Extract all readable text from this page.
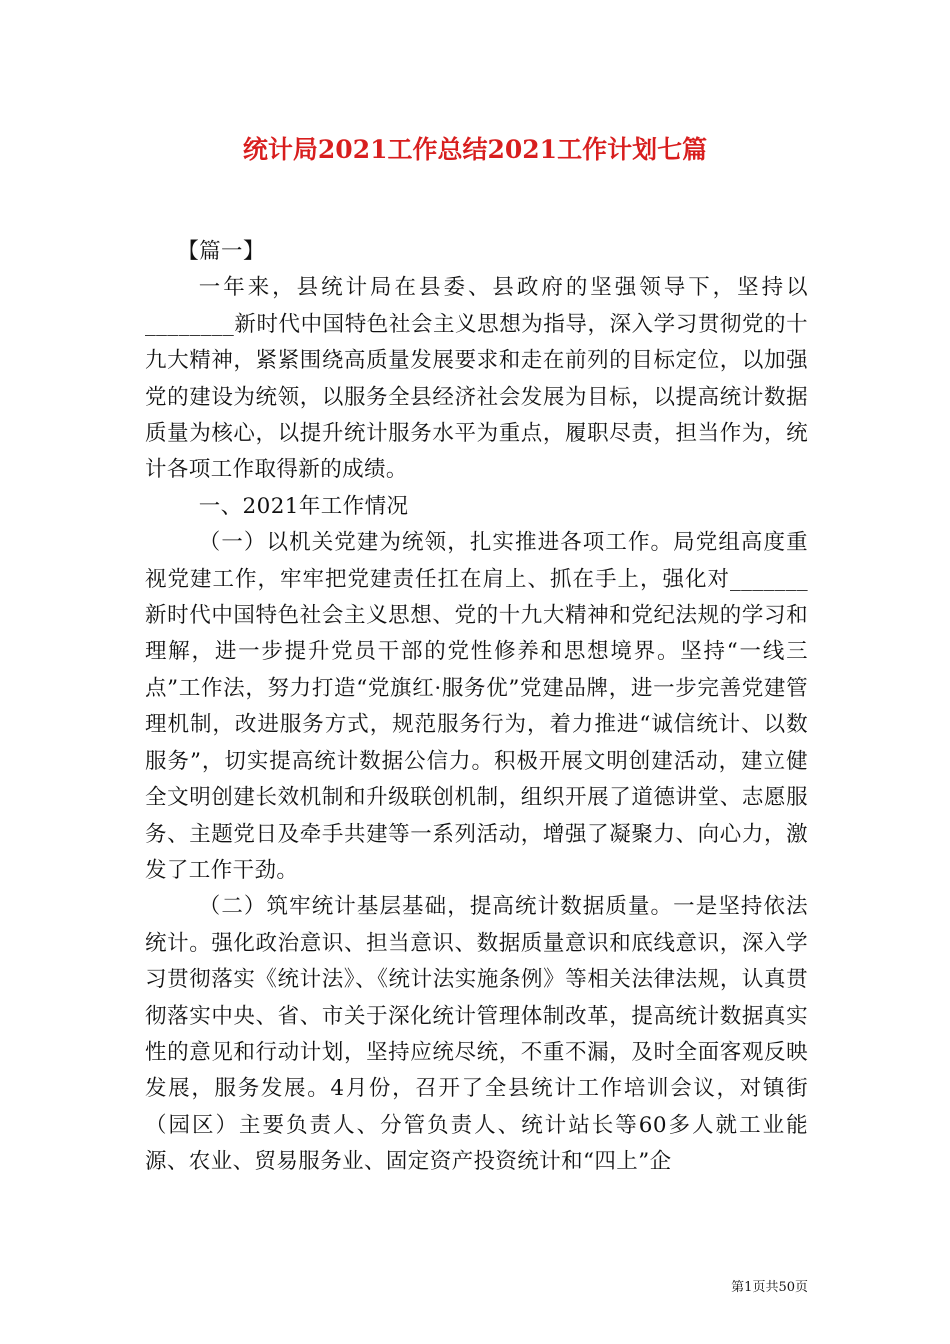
统计局2021工作总结2021工作计划七篇

【篇一】

一年来，县统计局在县委、县政府的坚强领导下，坚持以________新时代中国特色社会主义思想为指导，深入学习贯彻党的十九大精神，紧紧围绕高质量发展要求和走在前列的目标定位，以加强党的建设为统领，以服务全县经济社会发展为目标，以提高统计数据质量为核心，以提升统计服务水平为重点，履职尽责，担当作为，统计各项工作取得新的成绩。

一、2021年工作情况

（一）以机关党建为统领，扎实推进各项工作。局党组高度重视党建工作，牢牢把党建责任扛在肩上、抓在手上，强化对_______新时代中国特色社会主义思想、党的十九大精神和党纪法规的学习和理解，进一步提升党员干部的党性修养和思想境界。坚持“一线三点”工作法，努力打造“党旗红·服务优”党建品牌，进一步完善党建管理机制，改进服务方式，规范服务行为，着力推进“诚信统计、以数服务”，切实提高统计数据公信力。积极开展文明创建活动，建立健全文明创建长效机制和升级联创机制，组织开展了道德讲堂、志愿服务、主题党日及牵手共建等一系列活动，增强了凝聚力、向心力，激发了工作干劲。

（二）筑牢统计基层基础，提高统计数据质量。一是坚持依法统计。强化政治意识、担当意识、数据质量意识和底线意识，深入学习贯彻落实《统计法》、《统计法实施条例》等相关法律法规，认真贯彻落实中央、省、市关于深化统计管理体制改革，提高统计数据真实性的意见和行动计划，坚持应统尽统，不重不漏，及时全面客观反映发展，服务发展。4月份，召开了全县统计工作培训会议，对镇街（园区）主要负责人、分管负责人、统计站长等60多人就工业能源、农业、贸易服务业、固定资产投资统计和“四上”企

第1页共50页
